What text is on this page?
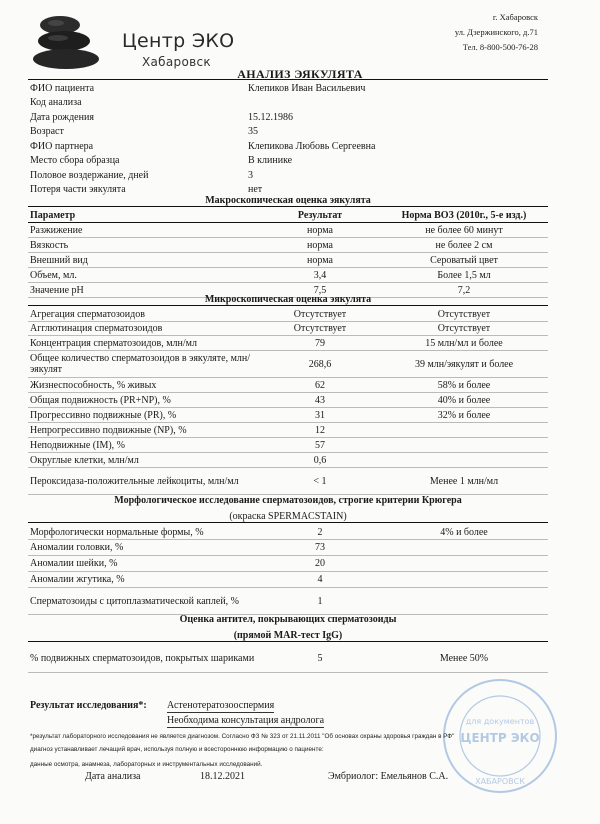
Центр ЭКО
Хабаровск
г. Хабаровск
ул. Дзержинского, д.71
Тел. 8-800-500-76-28
АНАЛИЗ ЭЯКУЛЯТА
ФИО пациента	Клепиков Иван Васильевич
Код анализа
Дата рождения	15.12.1986
Возраст	35
ФИО партнера	Клепикова Любовь Сергеевна
Место сбора образца	В клинике
Половое воздержание, дней	3
Потеря части эякулята	нет
Макроскопическая оценка эякулята
Параметр	Результат	Норма ВОЗ (2010г., 5-е изд.)
Разжижение	норма	не более 60 минут
Вязкость	норма	не более 2 см
Внешний вид	норма	Сероватый цвет
Объем, мл.	3,4	Более 1,5 мл
Значение pH	7,5	7,2
Микроскопическая оценка эякулята
Агрегация сперматозоидов	Отсутствует	Отсутствует
Агглютинация сперматозоидов	Отсутствует	Отсутствует
Концентрация сперматозоидов, млн/мл	79	15 млн/мл и более
Общее количество сперматозоидов в эякуляте, млн/эякулят	268,6	39 млн/эякулят и более
Жизнеспособность, % живых	62	58% и более
Общая подвижность (PR+NP), %	43	40% и более
Прогрессивно подвижные (PR), %	31	32% и более
Непрогрессивно подвижные (NP), %	12
Неподвижные (IM), %	57
Округлые клетки, млн/мл	0,6
Пероксидаза-положительные лейкоциты, млн/мл	< 1	Менее 1 млн/мл
Морфологическое исследование сперматозоидов, строгие критерии Крюгера
(окраска SPERMACSTAIN)
Морфологически нормальные формы, %	2	4% и более
Аномалии головки, %	73
Аномалии шейки, %	20
Аномалии жгутика, %	4
Сперматозоиды с цитоплазматической каплей, %	1
Оценка антител, покрывающих сперматозоиды
(прямой MAR-тест IgG)
% подвижных сперматозоидов, покрытых шариками	5	Менее 50%
Результат исследования*: Астенотератозооспермия
Необходима консультация андролога
*результат лабораторного исследования не является диагнозом. Согласно ФЗ № 323 от 21.11.2011 "Об основах охраны здоровья граждан в РФ"
диагноз устанавливает лечащий врач, используя полную и всестороннюю информацию о пациенте:
данные осмотра, анамнеза, лабораторных и инструментальных исследований.
Дата анализа	18.12.2021	Эмбриолог: Емельянов С.А.
для документов
ЦЕНТР ЭКО
ХАБАРОВСК
